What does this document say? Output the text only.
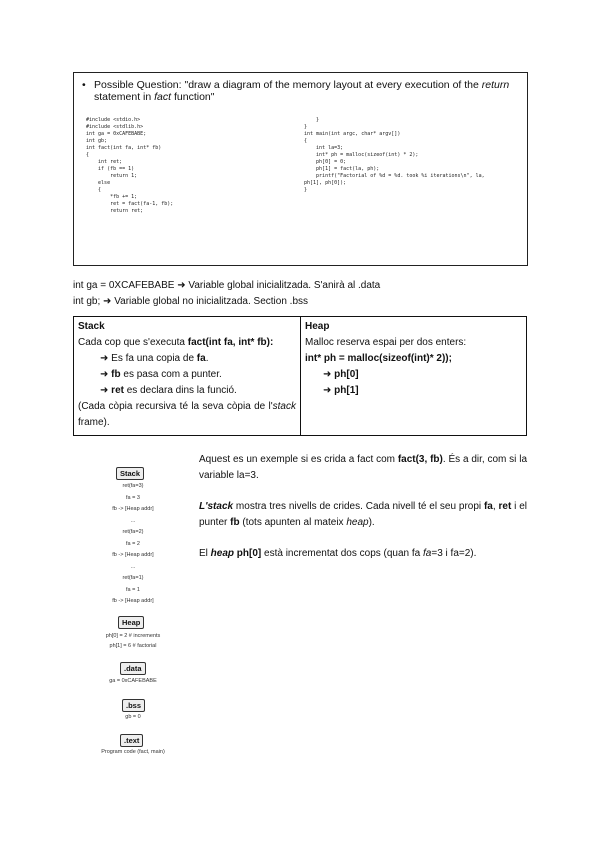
• Possible Question: "draw a diagram of the memory layout at every execution of the return statement in fact function"
#include <stdio.h>
#include <stdlib.h>
int ga = 0xCAFEBABE;
int gb;
int fact(int fa, int* fb)
{
int ret;
if (fb == 1)
return 1;
else
{
*fb += 1;
ret = fact(fa-1, fb);
return ret;
}
}
int main(int argc, char* argv[])
{
int la=3;
int* ph = malloc(sizeof(int) * 2);
ph[0] = 0;
ph[1] = fact(la, ph);
printf("Factorial of %d = %d. took %i iterations\n", la,
ph[1], ph[0]);
}
int ga = 0XCAFEBABE ➜ Variable global inicialitzada. S'anirà al .data
int gb; ➜ Variable global no inicialitzada. Section .bss
Stack
Cada cop que s'executa fact(int fa, int* fb):
➜ Es fa una copia de fa.
➜ fb es pasa com a punter.
➜ ret es declara dins la funció.
(Cada còpia recursiva té la seva còpia de l'stack frame).

Heap
Malloc reserva espai per dos enters:
int* ph = malloc(sizeof(int)* 2));
➜ ph[0]
➜ ph[1]
Stack
ret(fa=3)
fa = 3
fb -> [Heap addr]
...
ret(fa=2)
fa = 2
fb -> [Heap addr]
...
ret(fa=1)
fa = 1
fb -> [Heap addr]
Heap
ph[0] = 2 # increments
ph[1] = 6 # factorial
.data
ga = 0xCAFEBABE
.bss
gb = 0
.text
Program code (fact, main)
Aquest es un exemple si es crida a fact com fact(3, fb). És a dir, com si la variable la=3.
L'stack mostra tres nivells de crides. Cada nivell té el seu propi fa, ret i el punter fb (tots apunten al mateix heap).
El heap ph[0] està incrementat dos cops (quan fa fa=3 i fa=2).
